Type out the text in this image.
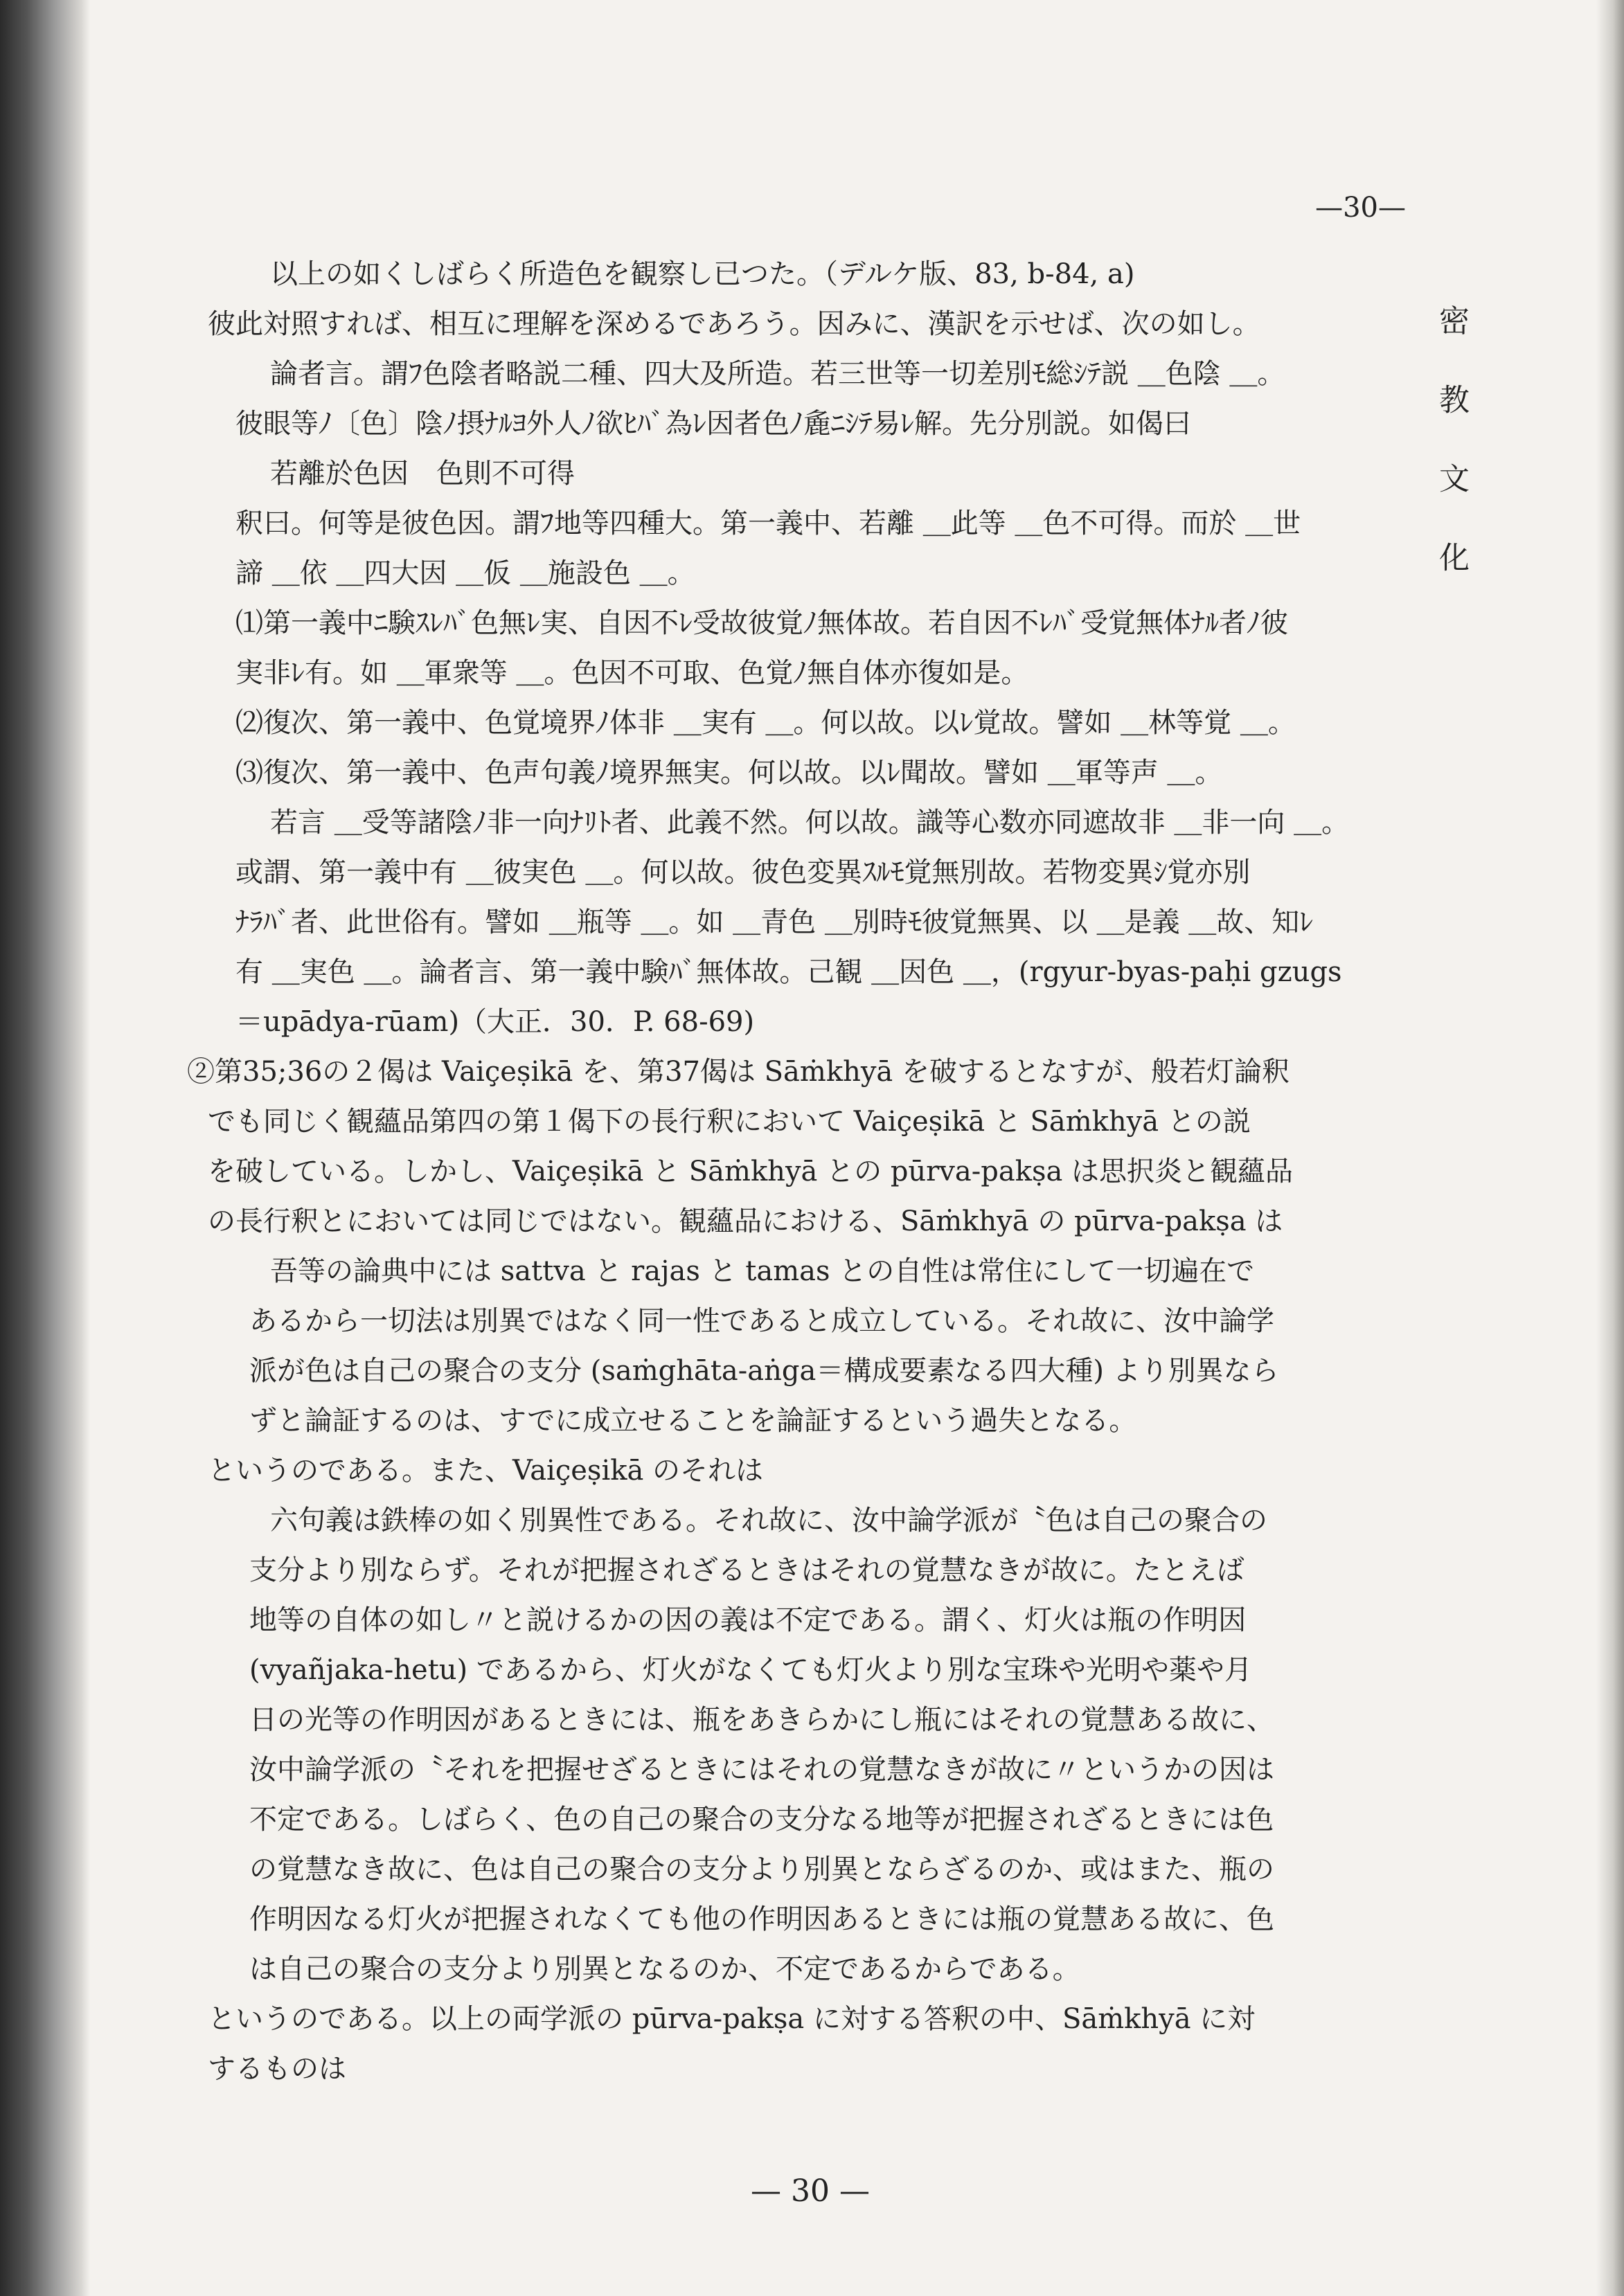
—30—
密教文化
以上の如くしばらく所造色を観察し已つた。（デルケ版、83, b-84, a)
彼此対照すれば、相互に理解を深めるであろう。因みに、漢訳を示せば、次の如し。
論者言。謂ﾌ色陰者略説二種、四大及所造。若三世等一切差別ﾓ総ｼﾃ説 ＿色陰 ＿。
彼眼等ﾉ〔色〕陰ﾉ摂ﾅﾙﾖ外人ﾉ欲ﾋﾊﾞ為ﾚ因者色ﾉ麁ﾆｼﾃ易ﾚ解。先分別説。如偈曰
若離於色因　色則不可得
釈曰。何等是彼色因。謂ﾌ地等四種大。第一義中、若離 ＿此等 ＿色不可得。而於 ＿世
諦 ＿依 ＿四大因 ＿仮 ＿施設色 ＿。
⑴第一義中ﾆ験ｽﾚﾊﾞ色無ﾚ実、自因不ﾚ受故彼覚ﾉ無体故。若自因不ﾚﾊﾞ受覚無体ﾅﾙ者ﾉ彼
実非ﾚ有。如 ＿軍衆等 ＿。色因不可取、色覚ﾉ無自体亦復如是。
⑵復次、第一義中、色覚境界ﾉ体非 ＿実有 ＿。何以故。以ﾚ覚故。譬如 ＿林等覚 ＿。
⑶復次、第一義中、色声句義ﾉ境界無実。何以故。以ﾚ聞故。譬如 ＿軍等声 ＿。
若言 ＿受等諸陰ﾉ非一向ﾅﾘﾄ者、此義不然。何以故。識等心数亦同遮故非 ＿非一向 ＿。
或謂、第一義中有 ＿彼実色 ＿。何以故。彼色変異ｽﾙﾓ覚無別故。若物変異ｼ覚亦別
ﾅﾗﾊﾞ者、此世俗有。譬如 ＿瓶等 ＿。如 ＿青色 ＿別時ﾓ彼覚無異、以 ＿是義 ＿故、知ﾚ
有 ＿実色 ＿。論者言、第一義中験ﾊﾞ無体故。己観 ＿因色 ＿，(rgyur-byas-paḥi gzugs
＝upādya-rūam)（大正．30．P. 68-69)
②第35;36の２偈は Vaiçeṣikā を、第37偈は Sāṁkhyā を破するとなすが、般若灯論釈
でも同じく観蘊品第四の第１偈下の長行釈において Vaiçeṣikā と Sāṁkhyā との説
を破している。しかし、Vaiçeṣikā と Sāṁkhyā との pūrva-pakṣa は思択炎と観蘊品
の長行釈とにおいては同じではない。観蘊品における、Sāṁkhyā の pūrva-pakṣa は
吾等の論典中には sattva と rajas と tamas との自性は常住にして一切遍在で
あるから一切法は別異ではなく同一性であると成立している。それ故に、汝中論学
派が色は自己の聚合の支分 (saṁghāta-aṅga＝構成要素なる四大種) より別異なら
ずと論証するのは、すでに成立せることを論証するという過失となる。
というのである。また、Vaiçeṣikā のそれは
六句義は鉄棒の如く別異性である。それ故に、汝中論学派が〝色は自己の聚合の
支分より別ならず。それが把握されざるときはそれの覚慧なきが故に。たとえば
地等の自体の如し〃と説けるかの因の義は不定である。謂く、灯火は瓶の作明因
(vyañjaka-hetu) であるから、灯火がなくても灯火より別な宝珠や光明や薬や月
日の光等の作明因があるときには、瓶をあきらかにし瓶にはそれの覚慧ある故に、
汝中論学派の〝それを把握せざるときにはそれの覚慧なきが故に〃というかの因は
不定である。しばらく、色の自己の聚合の支分なる地等が把握されざるときには色
の覚慧なき故に、色は自己の聚合の支分より別異とならざるのか、或はまた、瓶の
作明因なる灯火が把握されなくても他の作明因あるときには瓶の覚慧ある故に、色
は自己の聚合の支分より別異となるのか、不定であるからである。
というのである。以上の両学派の pūrva-pakṣa に対する答釈の中、Sāṁkhyā に対
するものは
— 30 —
